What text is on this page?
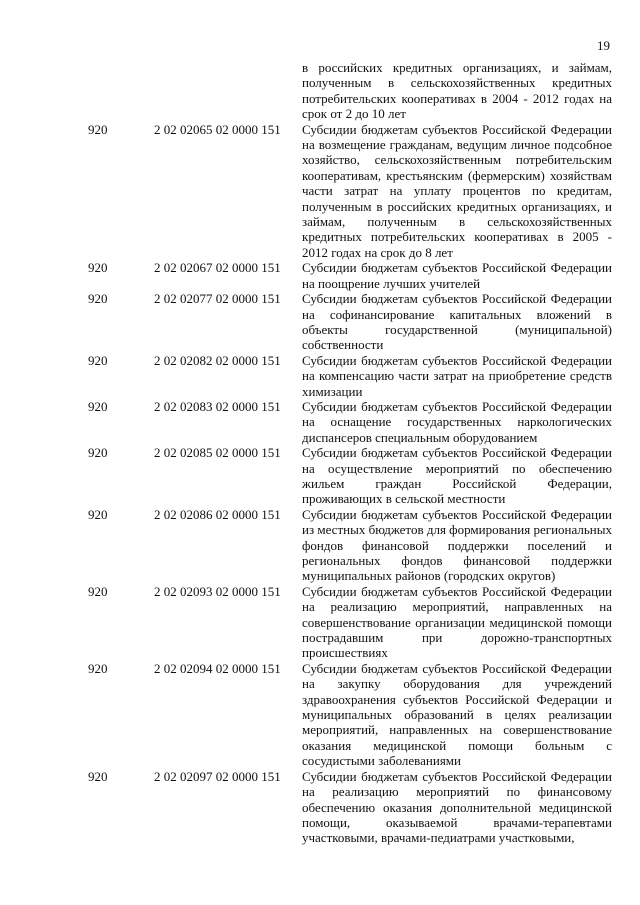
19
в российских кредитных организациях, и займам, полученным в сельскохозяйственных кредитных потребительских кооперативах в 2004 - 2012 годах на срок от 2 до 10 лет
920	2 02 02065 02 0000 151	Субсидии бюджетам субъектов Российской Федерации на возмещение гражданам, ведущим личное подсобное хозяйство, сельскохозяйственным потребительским кооперативам, крестьянским (фермерским) хозяйствам части затрат на уплату процентов по кредитам, полученным в российских кредитных организациях, и займам, полученным в сельскохозяйственных кредитных потребительских кооперативах в 2005 - 2012 годах на срок до 8 лет
920	2 02 02067 02 0000 151	Субсидии бюджетам субъектов Российской Федерации на поощрение лучших учителей
920	2 02 02077 02 0000 151	Субсидии бюджетам субъектов Российской Федерации на софинансирование капитальных вложений в объекты государственной (муниципальной) собственности
920	2 02 02082 02 0000 151	Субсидии бюджетам субъектов Российской Федерации на компенсацию части затрат на приобретение средств химизации
920	2 02 02083 02 0000 151	Субсидии бюджетам субъектов Российской Федерации на оснащение государственных наркологических диспансеров специальным оборудованием
920	2 02 02085 02 0000 151	Субсидии бюджетам субъектов Российской Федерации на осуществление мероприятий по обеспечению жильем граждан Российской Федерации, проживающих в сельской местности
920	2 02 02086 02 0000 151	Субсидии бюджетам субъектов Российской Федерации из местных бюджетов для формирования региональных фондов финансовой поддержки поселений и региональных фондов финансовой поддержки муниципальных районов (городских округов)
920	2 02 02093 02 0000 151	Субсидии бюджетам субъектов Российской Федерации на реализацию мероприятий, направленных на совершенствование организации медицинской помощи пострадавшим при дорожно-транспортных происшествиях
920	2 02 02094 02 0000 151	Субсидии бюджетам субъектов Российской Федерации на закупку оборудования для учреждений здравоохранения субъектов Российской Федерации и муниципальных образований в целях реализации мероприятий, направленных на совершенствование оказания медицинской помощи больным с сосудистыми заболеваниями
920	2 02 02097 02 0000 151	Субсидии бюджетам субъектов Российской Федерации на реализацию мероприятий по финансовому обеспечению оказания дополнительной медицинской помощи, оказываемой врачами-терапевтами участковыми, врачами-педиатрами участковыми,
